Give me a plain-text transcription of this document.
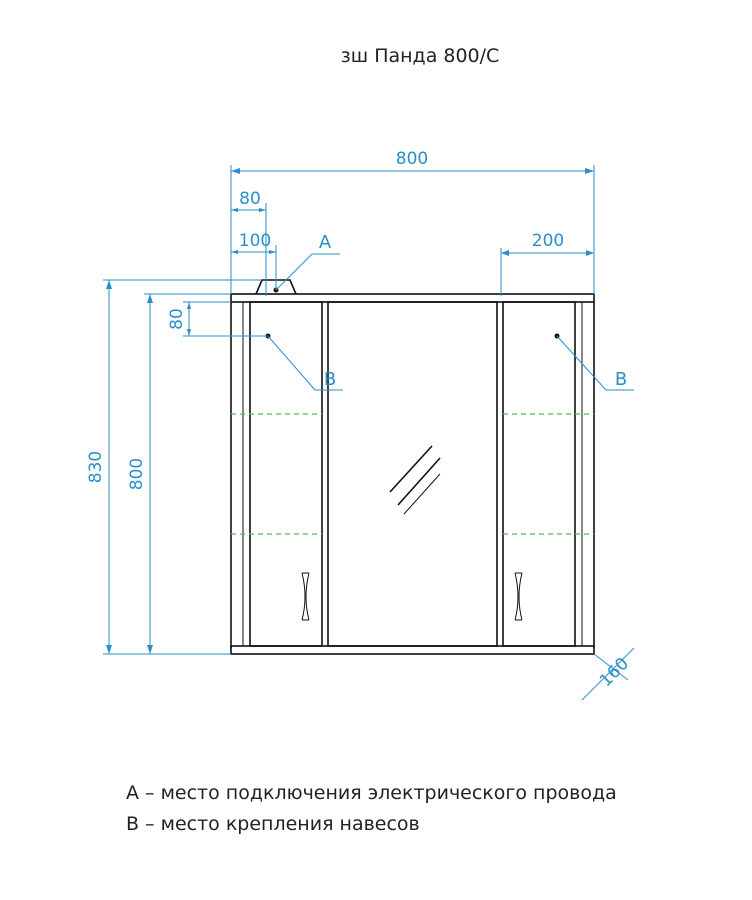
зш Панда 800/С
800
80
100	200
830 800
80
160
A
B	B
A – место подключения электрического провода
B – место крепления навесов
